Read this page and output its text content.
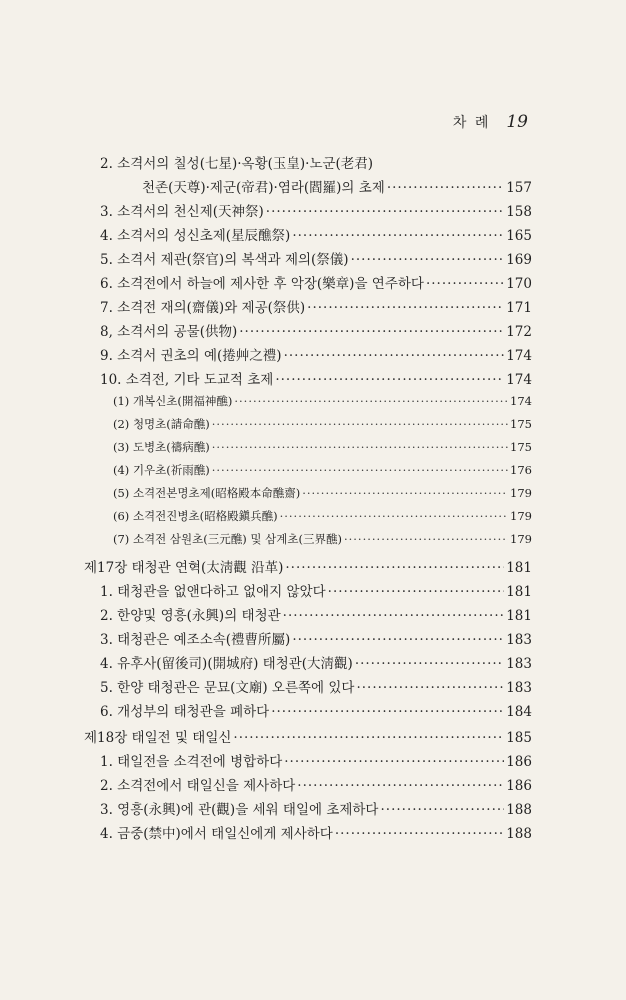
차 례 19
2. 소격서의 칠성(七星)·옥황(玉皇)·노군(老君)
천존(天尊)·제군(帝君)·염라(閻羅)의 초제 ·····	157
3. 소격서의 천신제(天神祭) ·····	158
4. 소격서의 성신초제(星辰醮祭) ·····	165
5. 소격서 제관(祭官)의 복색과 제의(祭儀) ·····	169
6. 소격전에서 하늘에 제사한 후 악장(樂章)을 연주하다 ·····	170
7. 소격전 재의(齋儀)와 제공(祭供) ·····	171
8, 소격서의 공물(供物) ·····	172
9. 소격서 권초의 예(捲艸之禮) ·····	174
10. 소격전, 기타 도교적 초제 ·····	174
(1) 개복신초(開福神醮) ·····	174
(2) 청명초(請命醮) ·····	175
(3) 도병초(禱病醮) ·····	175
(4) 기우초(祈雨醮) ·····	176
(5) 소격전본명초제(昭格殿本命醮齋) ·····	179
(6) 소격전진병초(昭格殿鎭兵醮) ·····	179
(7) 소격전 삼원초(三元醮) 및 삼계초(三界醮) ·····	179
제17장 태청관 연혁(太淸觀 沿革) ·····	181
1. 태청관을 없앤다하고 없애지 않았다 ·····	181
2. 한양및 영흥(永興)의 태청관 ·····	181
3. 태청관은 예조소속(禮曹所屬) ·····	183
4. 유후사(留後司)(開城府) 태청관(大淸觀) ·····	183
5. 한양 태청관은 문묘(文廟) 오른쪽에 있다 ·····	183
6. 개성부의 태청관을 폐하다 ·····	184
제18장 태일전 및 태일신 ·····	185
1. 태일전을 소격전에 병합하다 ·····	186
2. 소격전에서 태일신을 제사하다 ·····	186
3. 영흥(永興)에 관(觀)을 세워 태일에 초제하다 ·····	188
4. 금중(禁中)에서 태일신에게 제사하다 ·····	188
